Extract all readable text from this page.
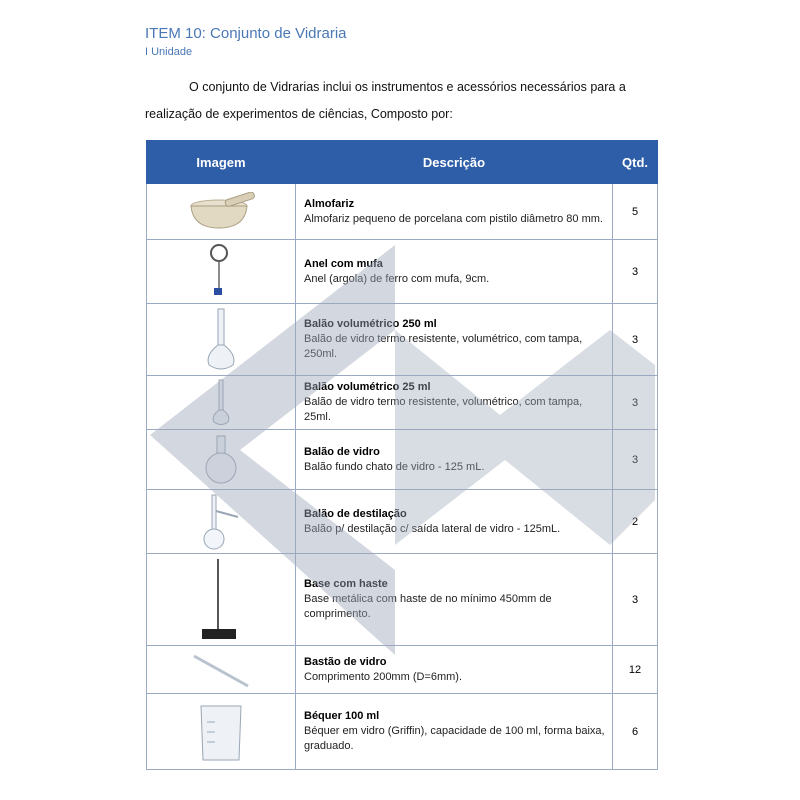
ITEM 10: Conjunto de Vidraria
I Unidade
O conjunto de Vidrarias inclui os instrumentos e acessórios necessários para a realização de experimentos de ciências, Composto por:
Imagem	Descrição	Qtd.

Almofariz
Almofariz pequeno de porcelana com pistilo diâmetro 80 mm.	5

Anel com mufa
Anel (argola) de ferro com mufa, 9cm.	3

Balão volumétrico 250 ml
Balão de vidro termo resistente, volumétrico, com tampa, 250ml.	3

Balão volumétrico 25 ml
Balão de vidro termo resistente, volumétrico, com tampa, 25ml.	3

Balão de vidro
Balão fundo chato de vidro - 125 mL.	3

Balão de destilação
Balão p/ destilação c/ saída lateral de vidro - 125mL.	2

Base com haste
Base metálica com haste de no mínimo 450mm de comprimento.	3

Bastão de vidro
Comprimento 200mm (D=6mm).	12

Béquer 100 ml
Béquer em vidro (Griffin), capacidade de 100 ml, forma baixa, graduado.	6
